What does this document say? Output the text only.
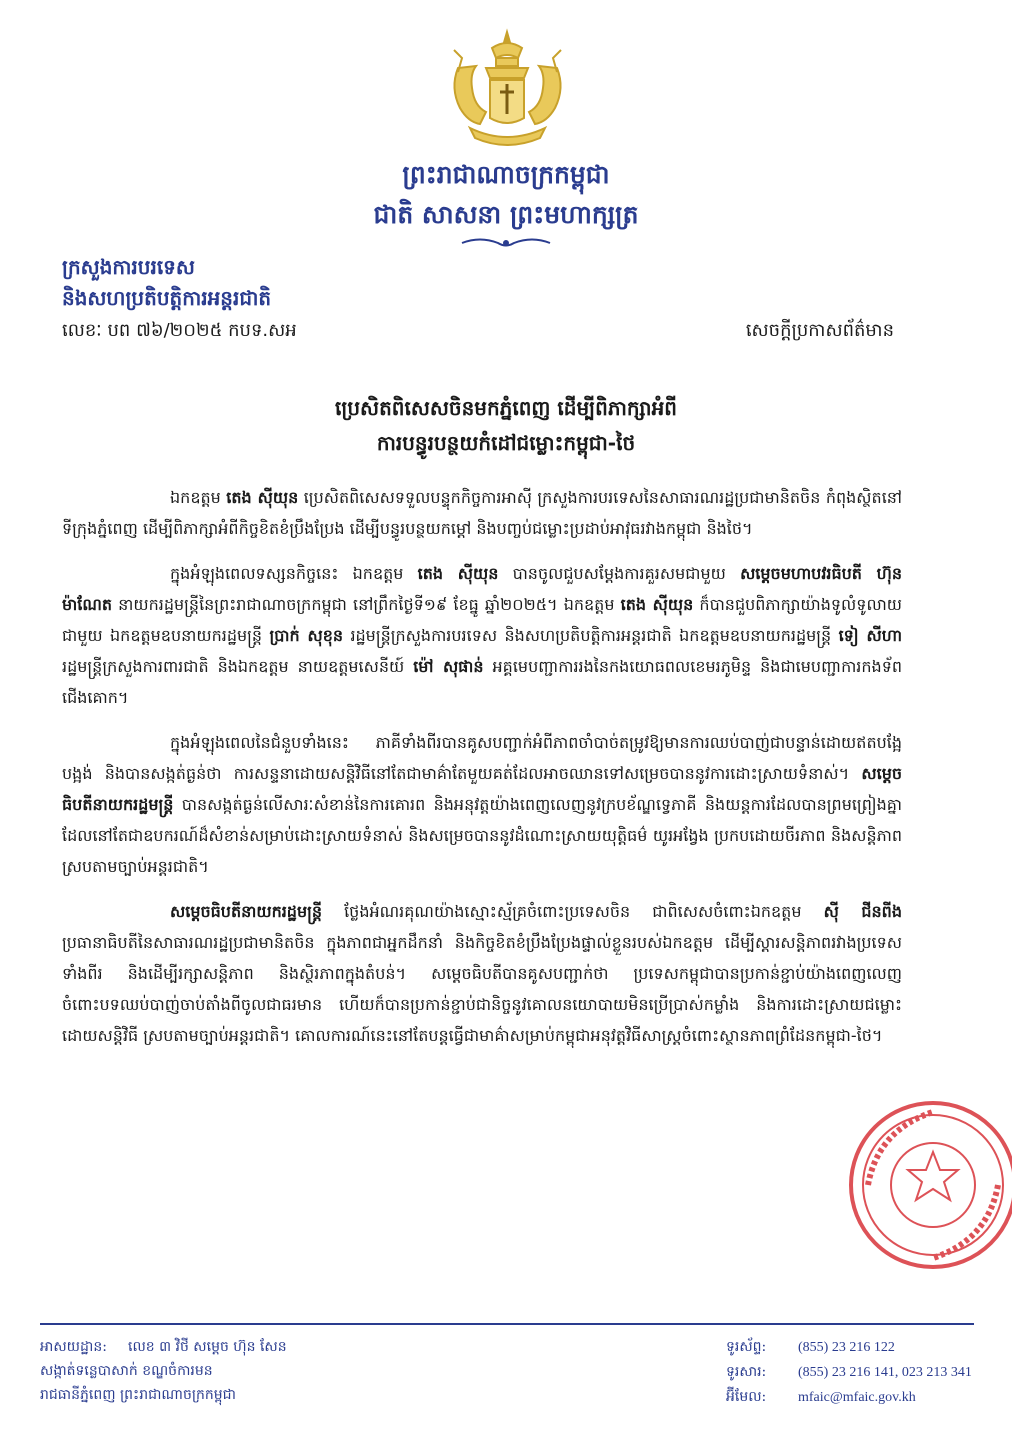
ព្រះរាជាណាចក្រកម្ពុជា
ជាតិ សាសនា ព្រះមហាក្សត្រ
ក្រសួងការបរទេស
និងសហប្រតិបត្តិការអន្តរជាតិ
លេខៈ បព ៧៦/២០២៥ កបទ.សអ	សេចក្ដីប្រកាសព័ត៌មាន
ប្រេសិតពិសេសចិនមកភ្នំពេញ ដើម្បីពិភាក្សាអំពី
ការបន្ធូរបន្ថយកំដៅជម្លោះកម្ពុជា-ថៃ

ឯកឧត្តម តេង ស៊ីយុន ប្រេសិតពិសេសទទួលបន្ទុកកិច្ចការអាស៊ី ក្រសួងការបរទេសនៃសាធារណរដ្ឋប្រជាមានិតចិន កំពុងស្ថិតនៅទីក្រុងភ្នំពេញ ដើម្បីពិភាក្សាអំពីកិច្ចខិតខំប្រឹងប្រែង ដើម្បីបន្ធូរបន្ថយកម្ដៅ និងបញ្ចប់ជម្លោះប្រដាប់អាវុធរវាងកម្ពុជា និងថៃ។

ក្នុងអំឡុងពេលទស្សនកិច្ចនេះ ឯកឧត្តម តេង ស៊ីយុន បានចូលជួបសម្ដែងការគួរសមជាមួយ សម្ដេចមហាបវរធិបតី ហ៊ុន ម៉ាណែត នាយករដ្ឋមន្ត្រីនៃព្រះរាជាណាចក្រកម្ពុជា នៅព្រឹកថ្ងៃទី១៩ ខែធ្នូ ឆ្នាំ២០២៥។ ឯកឧត្តម តេង ស៊ីយុន ក៏បានជួបពិភាក្សាយ៉ាងទូលំទូលាយជាមួយ ឯកឧត្តមឧបនាយករដ្ឋមន្ត្រី ប្រាក់ សុខុន រដ្ឋមន្ត្រីក្រសួងការបរទេស និងសហប្រតិបត្តិការអន្តរជាតិ ឯកឧត្តមឧបនាយករដ្ឋមន្ត្រី ទៀ សីហា រដ្ឋមន្ត្រីក្រសួងការពារជាតិ និងឯកឧត្តម នាយឧត្តមសេនីយ៍ ម៉ៅ សុផាន់ អគ្គមេបញ្ជាការរងនៃកងយោធពលខេមរភូមិន្ទ និងជាមេបញ្ជាការកងទ័ពជើងគោក។

ក្នុងអំឡុងពេលនៃជំនួបទាំងនេះ ភាគីទាំងពីរបានគូសបញ្ជាក់អំពីភាពចាំបាច់តម្រូវឱ្យមានការឈប់បាញ់ជាបន្ទាន់ដោយឥតបង្អែបង្អង់ និងបានសង្កត់ធ្ងន់ថា ការសន្ទនាដោយសន្តិវិធីនៅតែជាមាគ៌ាតែមួយគត់ដែលអាចឈានទៅសម្រេចបាននូវការដោះស្រាយទំនាស់។ សម្ដេចធិបតីនាយករដ្ឋមន្ត្រី បានសង្កត់ធ្ងន់លើសារៈសំខាន់នៃការគោរព និងអនុវត្តយ៉ាងពេញលេញនូវក្របខ័ណ្ឌទ្វេភាគី និងយន្តការដែលបានព្រមព្រៀងគ្នា ដែលនៅតែជាឧបករណ៍ដ៏សំខាន់សម្រាប់ដោះស្រាយទំនាស់ និងសម្រេចបាននូវដំណោះស្រាយយុត្តិធម៌ យូរអង្វែង ប្រកបដោយចីរភាព និងសន្តិភាព ស្របតាមច្បាប់អន្តរជាតិ។

សម្ដេចធិបតីនាយករដ្ឋមន្ត្រី ថ្លែងអំណរគុណយ៉ាងស្មោះស្ម័គ្រចំពោះប្រទេសចិន ជាពិសេសចំពោះឯកឧត្តម ស៊ី ជីនពីង ប្រធានាធិបតីនៃសាធារណរដ្ឋប្រជាមានិតចិន ក្នុងភាពជាអ្នកដឹកនាំ និងកិច្ចខិតខំប្រឹងប្រែងផ្ទាល់ខ្លួនរបស់ឯកឧត្តម ដើម្បីស្តារសន្តិភាពរវាងប្រទេសទាំងពីរ និងដើម្បីរក្សាសន្តិភាព និងស្ថិរភាពក្នុងតំបន់។ សម្ដេចធិបតីបានគូសបញ្ជាក់ថា ប្រទេសកម្ពុជាបានប្រកាន់ខ្ជាប់យ៉ាងពេញលេញ ចំពោះបទឈប់បាញ់ចាប់តាំងពីចូលជាធរមាន ហើយក៏បានប្រកាន់ខ្ជាប់ជានិច្ចនូវគោលនយោបាយមិនប្រើប្រាស់កម្លាំង និងការដោះស្រាយជម្លោះដោយសន្តិវិធី ស្របតាមច្បាប់អន្តរជាតិ។ គោលការណ៍នេះនៅតែបន្តធ្វើជាមាគ៌ាសម្រាប់កម្ពុជាអនុវត្តវិធីសាស្ត្រចំពោះស្ថានភាពព្រំដែនកម្ពុជា-ថៃ។

អាសយដ្ឋាន: លេខ ៣ វិថី សម្ដេច ហ៊ុន សែន
សង្កាត់ទន្លេបាសាក់ ខណ្ឌចំការមន
រាជធានីភ្នំពេញ ព្រះរាជាណាចក្រកម្ពុជា
ទូរស័ព្ទ: (855) 23 216 122
ទូរសារ: (855) 23 216 141, 023 213 341
អ៊ីមែល: mfaic@mfaic.gov.kh
